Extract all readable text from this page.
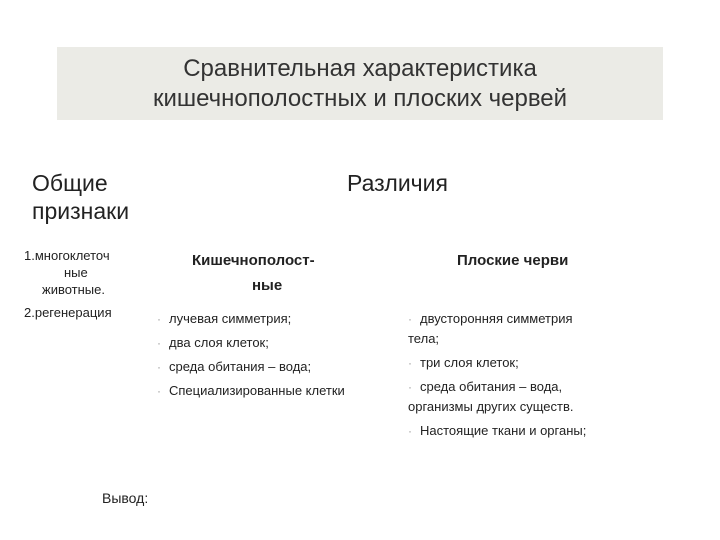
Сравнительная характеристика
кишечнополостных и плоских червей
Общие
признаки
Различия
1.многоклеточ
ные
животные.
2.регенерация
Кишечнополост-
ные
Плоские черви
· лучевая симметрия;
· два слоя клеток;
· среда обитания – вода;
· Специализированные клетки
· двусторонняя симметрия
тела;
· три слоя клеток;
· среда обитания – вода,
организмы других существ.
· Настоящие ткани и органы;
Вывод:
